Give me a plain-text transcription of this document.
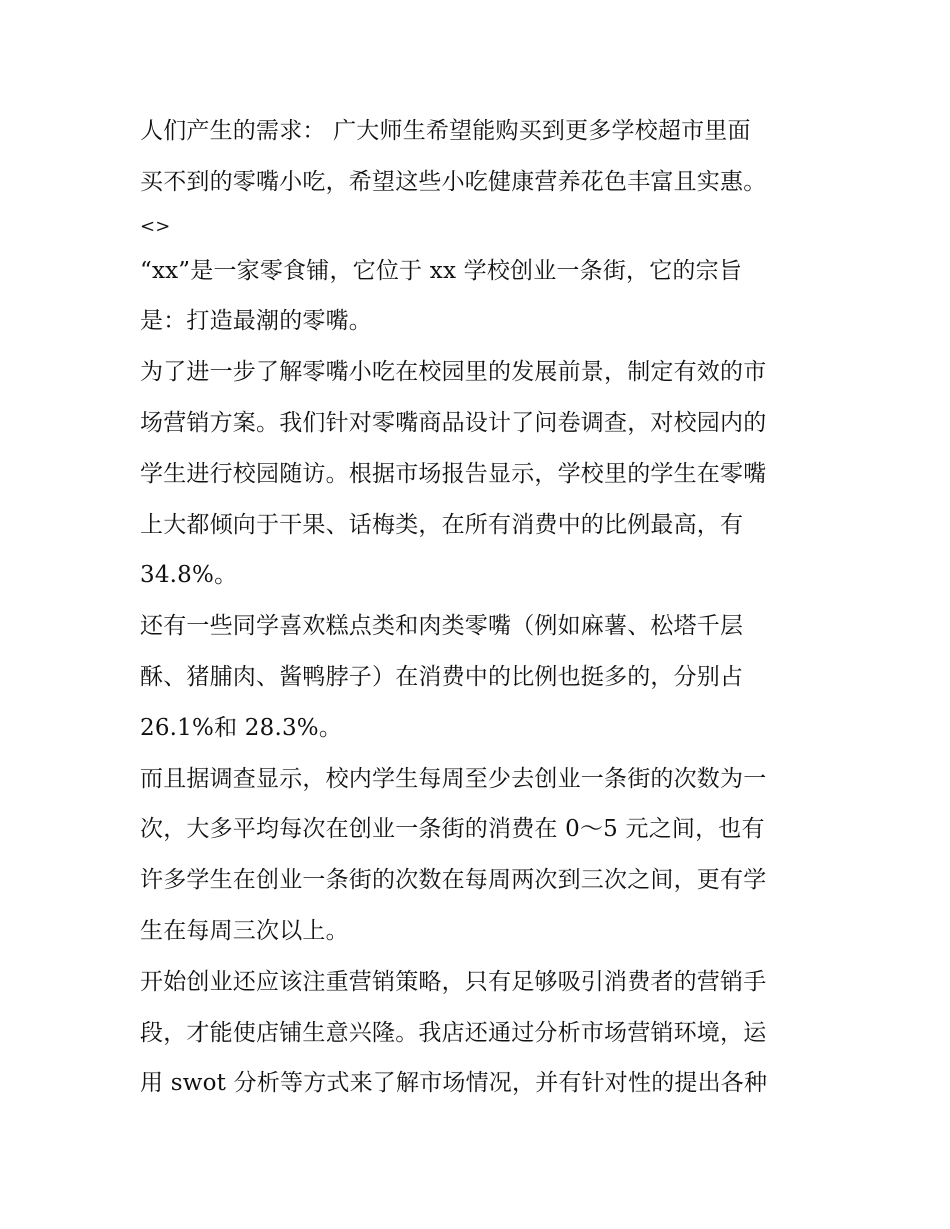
人们产生的需求： 广大师生希望能购买到更多学校超市里面
买不到的零嘴小吃，希望这些小吃健康营养花色丰富且实惠。

<>

“xx”是一家零食铺，它位于 xx 学校创业一条街，它的宗旨
是：打造最潮的零嘴。

为了进一步了解零嘴小吃在校园里的发展前景，制定有效的市
场营销方案。我们针对零嘴商品设计了问卷调查，对校园内的
学生进行校园随访。根据市场报告显示，学校里的学生在零嘴
上大都倾向于干果、话梅类，在所有消费中的比例最高，有
34.8%。

还有一些同学喜欢糕点类和肉类零嘴（例如麻薯、松塔千层
酥、猪脯肉、酱鸭脖子）在消费中的比例也挺多的，分别占
26.1%和 28.3%。

而且据调查显示，校内学生每周至少去创业一条街的次数为一
次，大多平均每次在创业一条街的消费在 0～5 元之间，也有
许多学生在创业一条街的次数在每周两次到三次之间，更有学
生在每周三次以上。

开始创业还应该注重营销策略，只有足够吸引消费者的营销手
段，才能使店铺生意兴隆。我店还通过分析市场营销环境，运
用 swot 分析等方式来了解市场情况，并有针对性的提出各种
